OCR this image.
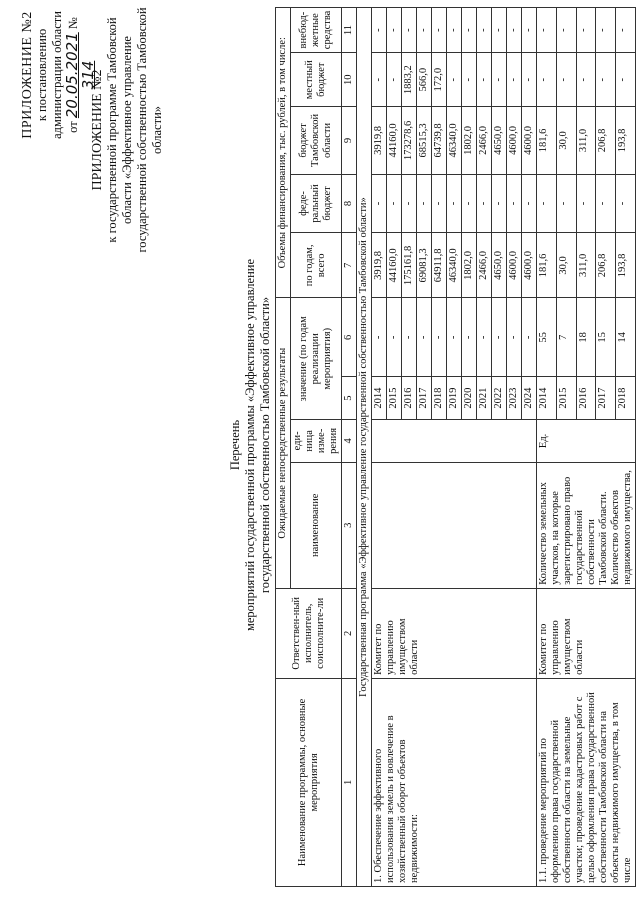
ПРИЛОЖЕНИЕ №2 к постановлению администрации области от 20.05.2021 № 314
ПРИЛОЖЕНИЕ №2 к государственной программе Тамбовской области «Эффективное управление государственной собственностью Тамбовской области»
Перечень мероприятий государственной программы «Эффективное управление государственной собственностью Тамбовской области»
Наименование программы, основные мероприятия	Ответствен-ный исполнитель, соисполните-ли	Ожидаемые непосредственные результаты				Объемы финансирования, тыс. рублей, в том числе:				
		наименование	еди-ница изме-рения	значение (по годам реализации мероприятия)		по годам, всего	феде-ральный бюджет	бюджет Тамбовской области	местный бюджет	внебюд-жетные средства
1	2	3	4	5	6	7	8	9	10	11
Государственная программа «Эффективное управление государственной собственностью Тамбовской области»										
1. Обеспечение эффективного использования земель и вовлечение в хозяйственный оборот объектов недвижимости:	Комитет по управлению имуществом области			2014	-	3919,8	-	3919,8	-	-
				2015	-	44160,0	-	44160,0	-	-
				2016	-	175161,8	-	173278,6	1883,2	-
				2017	-	69081,3	-	68515,3	566,0	-
				2018	-	64911,8	-	64739,8	172,0	-
				2019	-	46340,0	-	46340,0	-	-
				2020	-	1802,0	-	1802,0	-	-
				2021	-	2466,0	-	2466,0	-	-
				2022	-	4650,0	-	4650,0	-	-
				2023	-	4600,0	-	4600,0	-	-
				2024	-	4600,0	-	4600,0	-	-
1.1. проведение мероприятий по оформлению права государственной собственности области на земельные участки; проведение кадастровых работ с целью оформления права государственной собственности Тамбовской области на объекты недвижимого имущества, в том числе	Комитет по управлению имуществом области	Количество земельных участков, на которые зарегистрировано право государственной собственности Тамбовской области. Количество объектов недвижимого имущества,	Ед.	2014	55	181,6	-	181,6	-	-
				2015	7	30,0	-	30,0	-	-
				2016	18	311,0	-	311,0	-	-
				2017	15	206,8	-	206,8	-	-
				2018	14	193,8	-	193,8	-	-
